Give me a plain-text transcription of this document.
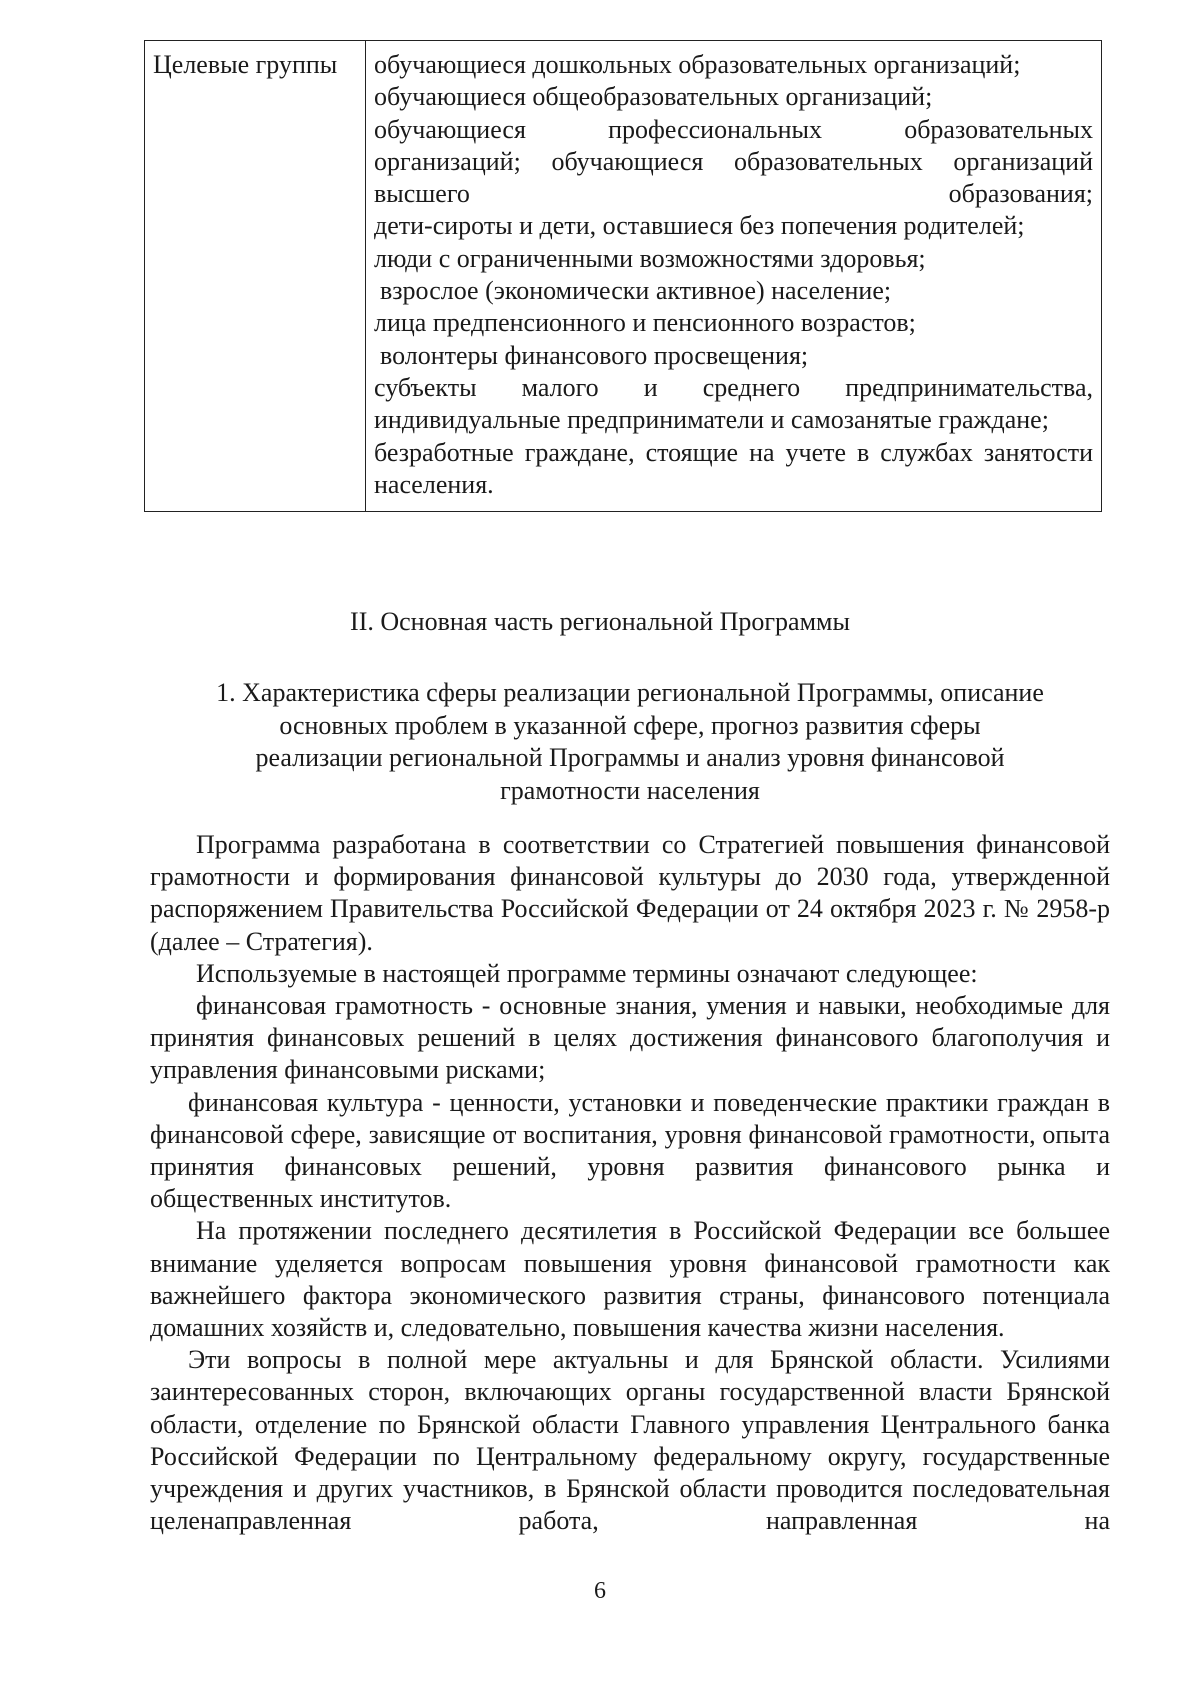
Целевые группы	обучающиеся дошкольных образовательных организаций;
обучающиеся общеобразовательных организаций;
обучающиеся профессиональных образовательных организаций; обучающиеся образовательных организаций высшего образования;
дети-сироты и дети, оставшиеся без попечения родителей;
люди с ограниченными возможностями здоровья;
взрослое (экономически активное) население;
лица предпенсионного и пенсионного возрастов;
волонтеры финансового просвещения;
субъекты малого и среднего предпринимательства, индивидуальные предприниматели и самозанятые граждане;
безработные граждане, стоящие на учете в службах занятости населения.
II. Основная часть региональной Программы
1. Характеристика сферы реализации региональной Программы, описание
основных проблем в указанной сфере, прогноз развития сферы
реализации региональной Программы и анализ уровня финансовой
грамотности населения

Программа разработана в соответствии со Стратегией повышения финансовой грамотности и формирования финансовой культуры до 2030 года, утвержденной распоряжением Правительства Российской Федерации от 24 октября 2023 г. № 2958-р (далее – Стратегия).

Используемые в настоящей программе термины означают следующее:

финансовая грамотность - основные знания, умения и навыки, необходимые для принятия финансовых решений в целях достижения финансового благополучия и управления финансовыми рисками;

финансовая культура - ценности, установки и поведенческие практики граждан в финансовой сфере, зависящие от воспитания, уровня финансовой грамотности, опыта принятия финансовых решений, уровня развития финансового рынка и общественных институтов.

На протяжении последнего десятилетия в Российской Федерации все большее внимание уделяется вопросам повышения уровня финансовой грамотности как важнейшего фактора экономического развития страны, финансового потенциала домашних хозяйств и, следовательно, повышения качества жизни населения.

Эти вопросы в полной мере актуальны и для Брянской области. Усилиями заинтересованных сторон, включающих органы государственной власти Брянской области, отделение по Брянской области Главного управления Центрального банка Российской Федерации по Центральному федеральному округу, государственные учреждения и других участников, в Брянской области проводится последовательная целенаправленная работа, направленная на

6
